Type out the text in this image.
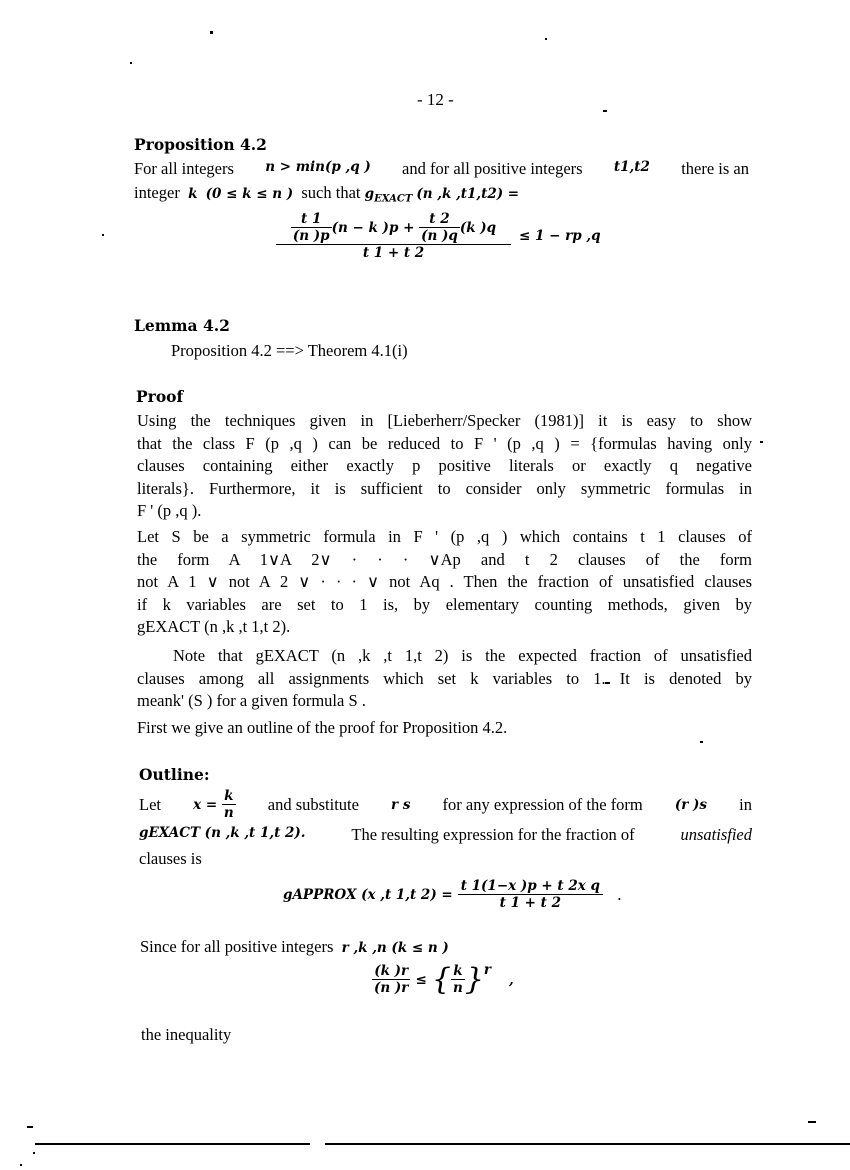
- 12 -
Proposition 4.2
For all integers n > min(p ,q ) and for all positive integers t1,t2 there is an
integer k (0 ≤ k ≤ n ) such that $g_{EXACT}$ (n ,k ,t1,t2) =
$\frac{t 1}{(n )p} (n - k$ )p
+
$\frac{t 2}{(n )q} (k$ )q
t 1 + t 2
≤ 1 − rp ,q
Lemma 4.2
Proposition 4.2 ==> Theorem 4.1(i)
Proof
Using the techniques given in [Lieberherr/Specker (1981)] it is easy to show
that the class F (p ,q ) can be reduced to F ' (p ,q ) = {formulas having only
clauses containing either exactly p positive literals or exactly q negative
literals}. Furthermore, it is sufficient to consider only symmetric formulas in
F ' (p ,q ).
Let S be a symmetric formula in F ' (p ,q ) which contains t 1 clauses of
the form A 1∨A 2∨ · · · ∨Ap and t 2 clauses of the form
not A 1 ∨ not A 2 ∨ · · · ∨ not Aq . Then the fraction of unsatisfied clauses
if k variables are set to 1 is, by elementary counting methods, given by
gEXACT (n ,k ,t 1,t 2).
Note that gEXACT (n ,k ,t 1,t 2) is the expected fraction of unsatisfied
clauses among all assignments which set k variables to 1. It is denoted by
meank' (S ) for a given formula S .
First we give an outline of the proof for Proposition 4.2.
Outline:
Let x =
$\frac{k}{n}$ and substitute r s for any expression of the form (r )s in
gEXACT (n ,k ,t 1,t 2).	The resulting expression for the fraction of	unsatisfied
clauses is
gAPPROX (x ,t 1,t 2) =
$\frac{\text{t 1(1−x )p + t 2x q}}{t 1 + t 2}$ .
Since for all positive integers r ,k ,n (k ≤ n )
$\frac{(k )r}{(n )r}$
≤
{ $\frac{k}{n} \}^r$
,
the inequality
